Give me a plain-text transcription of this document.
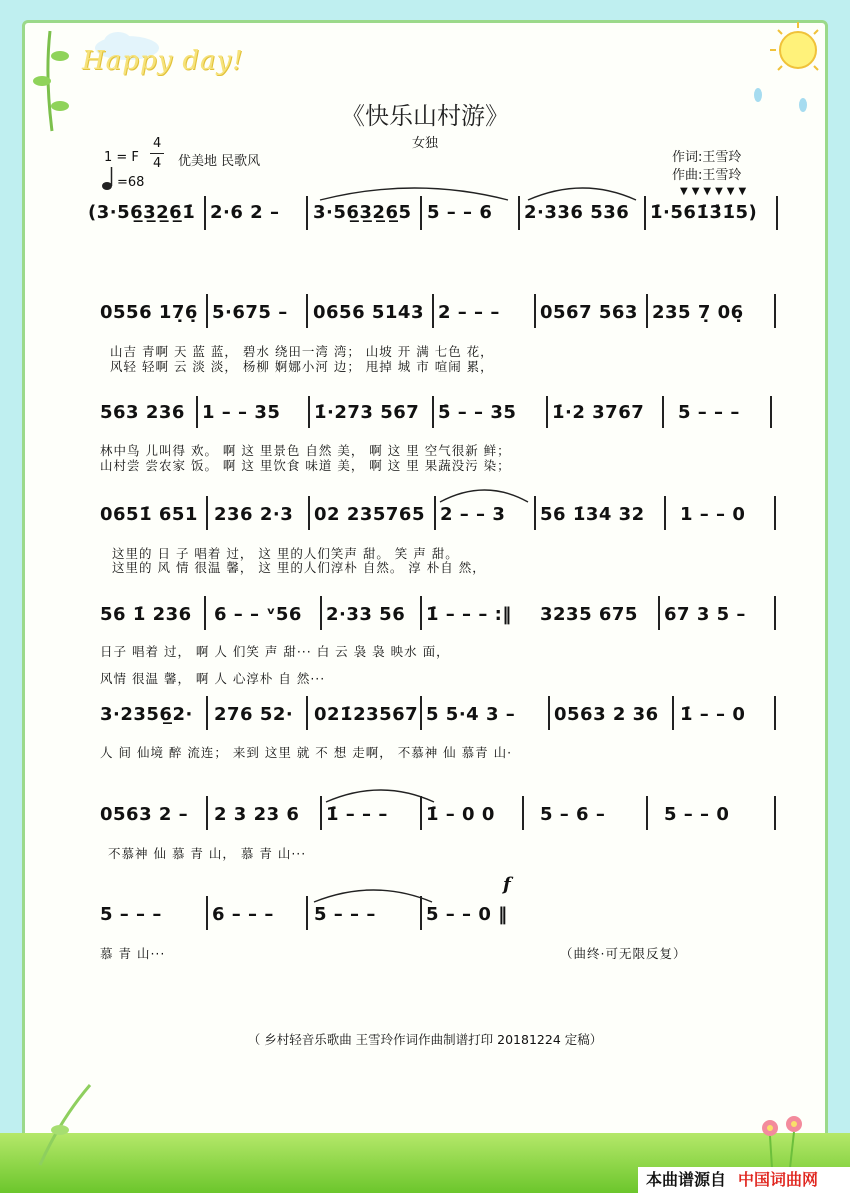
Happy day!
《快乐山村游》
女独
1 = F
4
4 优美地 民歌风
=68
作词:王雪玲
作曲:王雪玲
(3·56̲3̲2̲6̲1̇ 2·6 2 – 3·56̲3̲2̲6̲5 5 – – 6 2·336 536 1̇·561̇3̇1̇5)
▼▼▼▼▼▼
0556 17̣6̣ 5·675 – 0656 5143 2 – – – 0567 563 235 7̣ 06̣
山吉 青啊 天 蓝 蓝， 碧水 绕田一湾 湾； 山坡 开 满 七色 花，
风轻 轻啊 云 淡 淡， 杨柳 婀娜小河 边； 甩掉 城 市 喧闹 累，
563 236 1 – – 35 1̇·273 567 5̇ – – 35 1̇·2 3767 5 – – –
林中鸟 儿叫得 欢。 啊 这 里景色 自然 美， 啊 这 里 空气很新 鲜；
山村尝 尝农家 饭。 啊 这 里饮食 味道 美， 啊 这 里 果蔬没污 染；
0651̇ 651 236 2·3 02 235765 2 – – 3 56 1̇34 32 1 – – 0
这里的 日 子 唱着 过， 这 里的人们笑声 甜。 笑 声 甜。
这里的 风 情 很温 馨， 这 里的人们淳朴 自然。 淳 朴自 然，
56 1̇ 236 6 – – ᵛ56 2·33 56 1̇ – – – :‖ 3235 675 67 3 5 –
日子 唱着 过， 啊 人 们笑 声 甜··· 白 云 袅 袅 映水 面，
风情 很温 馨， 啊 人 心淳朴 自 然···
3·2356̲2· 276 52· 021̇23567 5 5·4 3 – 0563 2 36 1̇ – – 0
人 间 仙境 醉 流连； 来到 这里 就 不 想 走啊， 不慕神 仙 慕青 山·
0563 2 – 2 3 23 6 1̇ – – – 1̇ – 0 0	5 – 6 –	5 – – 0
不慕神 仙 慕 青 山， 慕 青 山···
f
5 – – –	6 – – – 5 – – –	5 – – 0 ‖
慕 青 山···	（曲终·可无限反复）
（ 乡村轻音乐歌曲 王雪玲作词作曲制谱打印 20181224 定稿）
本曲谱源自 中国词曲网
